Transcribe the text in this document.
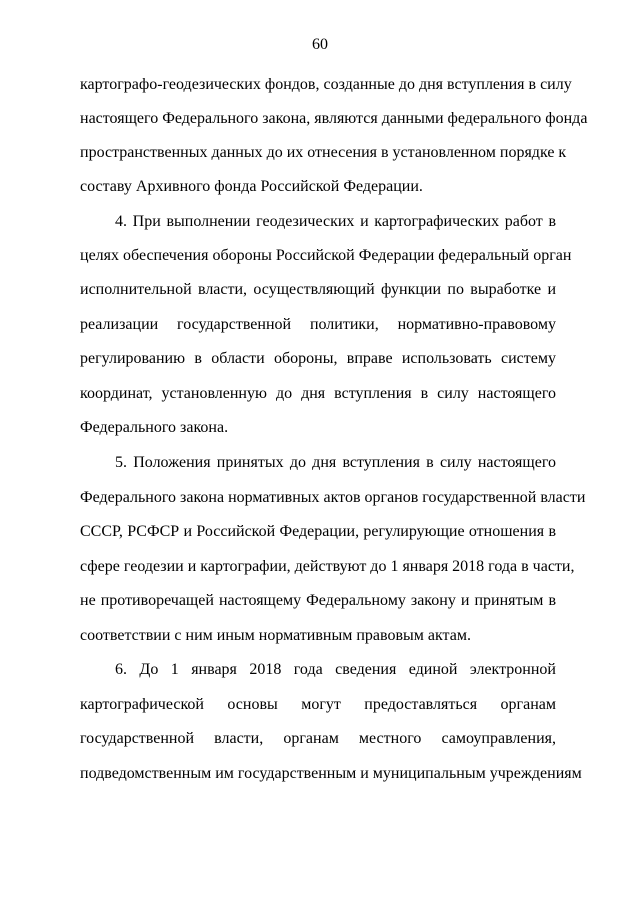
60
картографо-геодезических фондов, созданные до дня вступления в силу
настоящего Федерального закона, являются данными федерального фонда
пространственных данных до их отнесения в установленном порядке к
составу Архивного фонда Российской Федерации.
4. При выполнении геодезических и картографических работ в
целях обеспечения обороны Российской Федерации федеральный орган
исполнительной власти, осуществляющий функции по выработке и
реализации государственной политики, нормативно-правовому
регулированию в области обороны, вправе использовать систему
координат, установленную до дня вступления в силу настоящего
Федерального закона.
5. Положения принятых до дня вступления в силу настоящего
Федерального закона нормативных актов органов государственной власти
СССР, РСФСР и Российской Федерации, регулирующие отношения в
сфере геодезии и картографии, действуют до 1 января 2018 года в части,
не противоречащей настоящему Федеральному закону и принятым в
соответствии с ним иным нормативным правовым актам.
6. До 1 января 2018 года сведения единой электронной
картографической основы могут предоставляться органам
государственной власти, органам местного самоуправления,
подведомственным им государственным и муниципальным учреждениям
